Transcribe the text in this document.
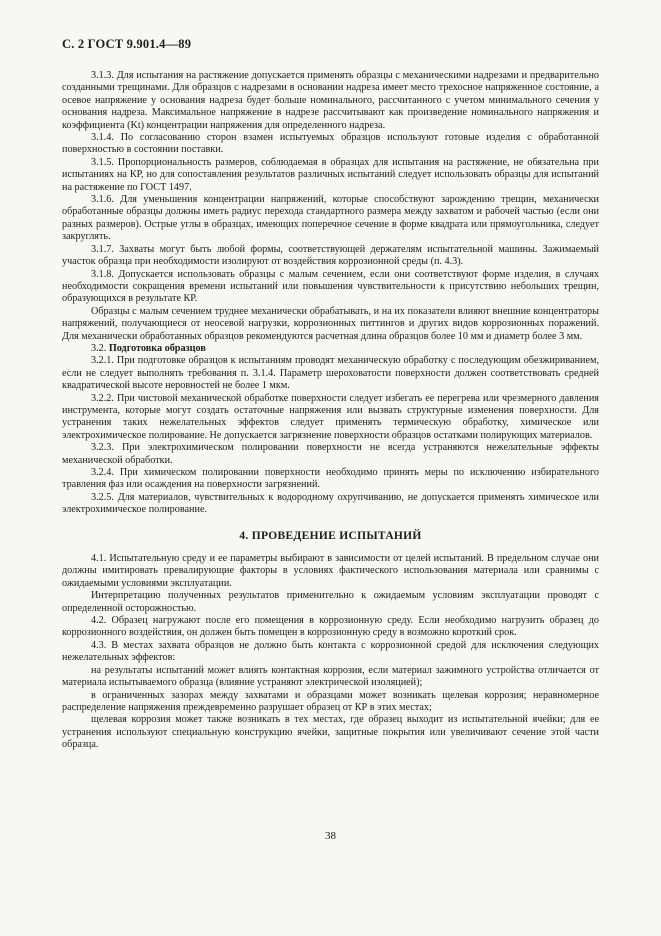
С. 2 ГОСТ 9.901.4—89

3.1.3. Для испытания на растяжение допускается применять образцы с механическими надрезами и предварительно созданными трещинами. Для образцов с надрезами в основании надреза имеет место трехосное напряженное состояние, а осевое напряжение у основания надреза будет больше номинального, рассчитанного с учетом минимального сечения у основания надреза. Максимальное напряжение в надрезе рассчитывают как произведение номинального напряжения и коэффициента (Kt) концентрации напряжения для определенного надреза.

3.1.4. По согласованию сторон взамен испытуемых образцов используют готовые изделия с обработанной поверхностью в состоянии поставки.

3.1.5. Пропорциональность размеров, соблюдаемая в образцах для испытания на растяжение, не обязательна при испытаниях на КР, но для сопоставления результатов различных испытаний следует использовать образцы для испытаний на растяжение по ГОСТ 1497.

3.1.6. Для уменьшения концентрации напряжений, которые способствуют зарождению трещин, механически обработанные образцы должны иметь радиус перехода стандартного размера между захватом и рабочей частью (если они разных размеров). Острые углы в образцах, имеющих поперечное сечение в форме квадрата или прямоугольника, следует закруглять.

3.1.7. Захваты могут быть любой формы, соответствующей держателям испытательной машины. Зажимаемый участок образца при необходимости изолируют от воздействия коррозионной среды (п. 4.3).

3.1.8. Допускается использовать образцы с малым сечением, если они соответствуют форме изделия, в случаях необходимости сокращения времени испытаний или повышения чувствительности к присутствию небольших трещин, образующихся в результате КР.

Образцы с малым сечением труднее механически обрабатывать, и на их показатели влияют внешние концентраторы напряжений, получающиеся от неосевой нагрузки, коррозионных питтингов и других видов коррозионных поражений. Для механически обработанных образцов рекомендуются расчетная длина образцов более 10 мм и диаметр более 3 мм.

3.2. Подготовка образцов

3.2.1. При подготовке образцов к испытаниям проводят механическую обработку с последующим обезжириванием, если не следует выполнять требования п. 3.1.4. Параметр шероховатости поверхности должен соответствовать средней квадратической высоте неровностей не более 1 мкм.

3.2.2. При чистовой механической обработке поверхности следует избегать ее перегрева или чрезмерного давления инструмента, которые могут создать остаточные напряжения или вызвать структурные изменения поверхности. Для устранения таких нежелательных эффектов следует применять термическую обработку, химическое или электрохимическое полирование. Не допускается загрязнение поверхности образцов остатками полирующих материалов.

3.2.3. При электрохимическом полировании поверхности не всегда устраняются нежелательные эффекты механической обработки.

3.2.4. При химическом полировании поверхности необходимо принять меры по исключению избирательного травления фаз или осаждения на поверхности загрязнений.

3.2.5. Для материалов, чувствительных к водородному охрупчиванию, не допускается применять химическое или электрохимическое полирование.

4. ПРОВЕДЕНИЕ ИСПЫТАНИЙ

4.1. Испытательную среду и ее параметры выбирают в зависимости от целей испытаний. В предельном случае они должны имитировать превалирующие факторы в условиях фактического использования материала или сравнимы с ожидаемыми условиями эксплуатации.

Интерпретацию полученных результатов применительно к ожидаемым условиям эксплуатации проводят с определенной осторожностью.

4.2. Образец нагружают после его помещения в коррозионную среду. Если необходимо нагрузить образец до коррозионного воздействия, он должен быть помещен в коррозионную среду в возможно короткий срок.

4.3. В местах захвата образцов не должно быть контакта с коррозионной средой для исключения следующих нежелательных эффектов:

на результаты испытаний может влиять контактная коррозия, если материал зажимного устройства отличается от материала испытываемого образца (влияние устраняют электрической изоляцией);

в ограниченных зазорах между захватами и образцами может возникать щелевая коррозия; неравномерное распределение напряжения преждевременно разрушает образец от КР в этих местах;

щелевая коррозия может также возникать в тех местах, где образец выходит из испытательной ячейки; для ее устранения используют специальную конструкцию ячейки, защитные покрытия или увеличивают сечение этой части образца.

38
